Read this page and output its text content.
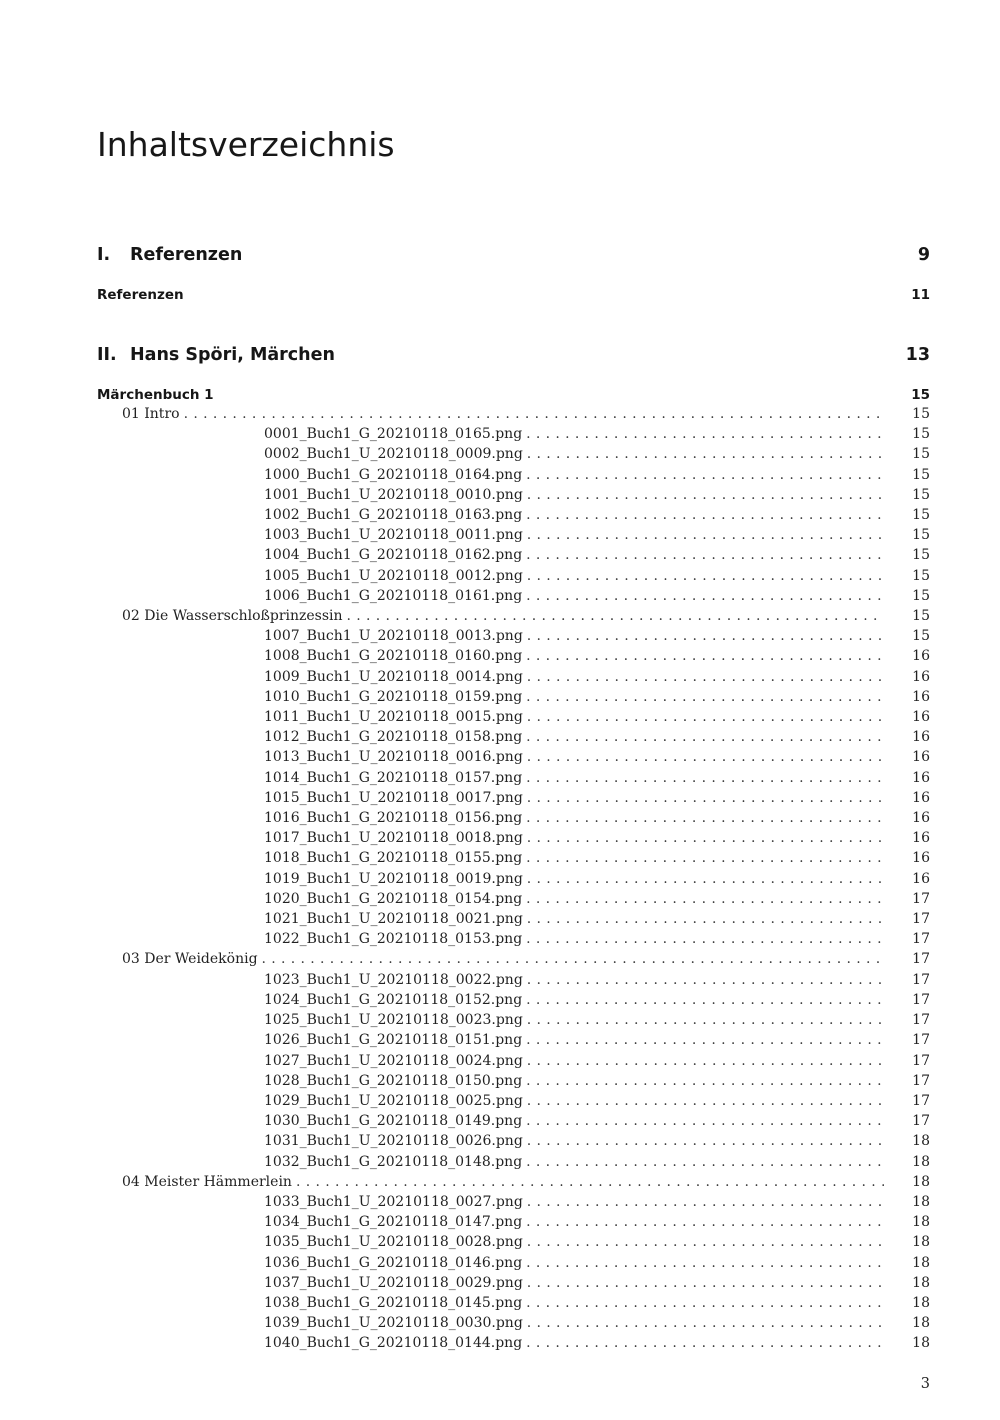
Inhaltsverzeichnis
I.	Referenzen	9
Referenzen	11
II. Hans Spöri, Märchen	13
Märchenbuch 1	15
01 Intro .....	15
0001_Buch1_G_20210118_0165.png .....	15
0002_Buch1_U_20210118_0009.png .....	15
1000_Buch1_G_20210118_0164.png .....	15
1001_Buch1_U_20210118_0010.png .....	15
1002_Buch1_G_20210118_0163.png .....	15
1003_Buch1_U_20210118_0011.png .....	15
1004_Buch1_G_20210118_0162.png .....	15
1005_Buch1_U_20210118_0012.png .....	15
1006_Buch1_G_20210118_0161.png .....	15
02 Die Wasserschloßprinzessin .....	15
1007_Buch1_U_20210118_0013.png .....	15
1008_Buch1_G_20210118_0160.png .....	16
1009_Buch1_U_20210118_0014.png .....	16
1010_Buch1_G_20210118_0159.png .....	16
1011_Buch1_U_20210118_0015.png .....	16
1012_Buch1_G_20210118_0158.png .....	16
1013_Buch1_U_20210118_0016.png .....	16
1014_Buch1_G_20210118_0157.png .....	16
1015_Buch1_U_20210118_0017.png .....	16
1016_Buch1_G_20210118_0156.png .....	16
1017_Buch1_U_20210118_0018.png .....	16
1018_Buch1_G_20210118_0155.png .....	16
1019_Buch1_U_20210118_0019.png .....	16
1020_Buch1_G_20210118_0154.png .....	17
1021_Buch1_U_20210118_0021.png .....	17
1022_Buch1_G_20210118_0153.png .....	17
03 Der Weidekönig .....	17
1023_Buch1_U_20210118_0022.png .....	17
1024_Buch1_G_20210118_0152.png .....	17
1025_Buch1_U_20210118_0023.png .....	17
1026_Buch1_G_20210118_0151.png .....	17
1027_Buch1_U_20210118_0024.png .....	17
1028_Buch1_G_20210118_0150.png .....	17
1029_Buch1_U_20210118_0025.png .....	17
1030_Buch1_G_20210118_0149.png .....	17
1031_Buch1_U_20210118_0026.png .....	18
1032_Buch1_G_20210118_0148.png .....	18
04 Meister Hämmerlein .....	18
1033_Buch1_U_20210118_0027.png .....	18
1034_Buch1_G_20210118_0147.png .....	18
1035_Buch1_U_20210118_0028.png .....	18
1036_Buch1_G_20210118_0146.png .....	18
1037_Buch1_U_20210118_0029.png .....	18
1038_Buch1_G_20210118_0145.png .....	18
1039_Buch1_U_20210118_0030.png .....	18
1040_Buch1_G_20210118_0144.png .....	18
3
